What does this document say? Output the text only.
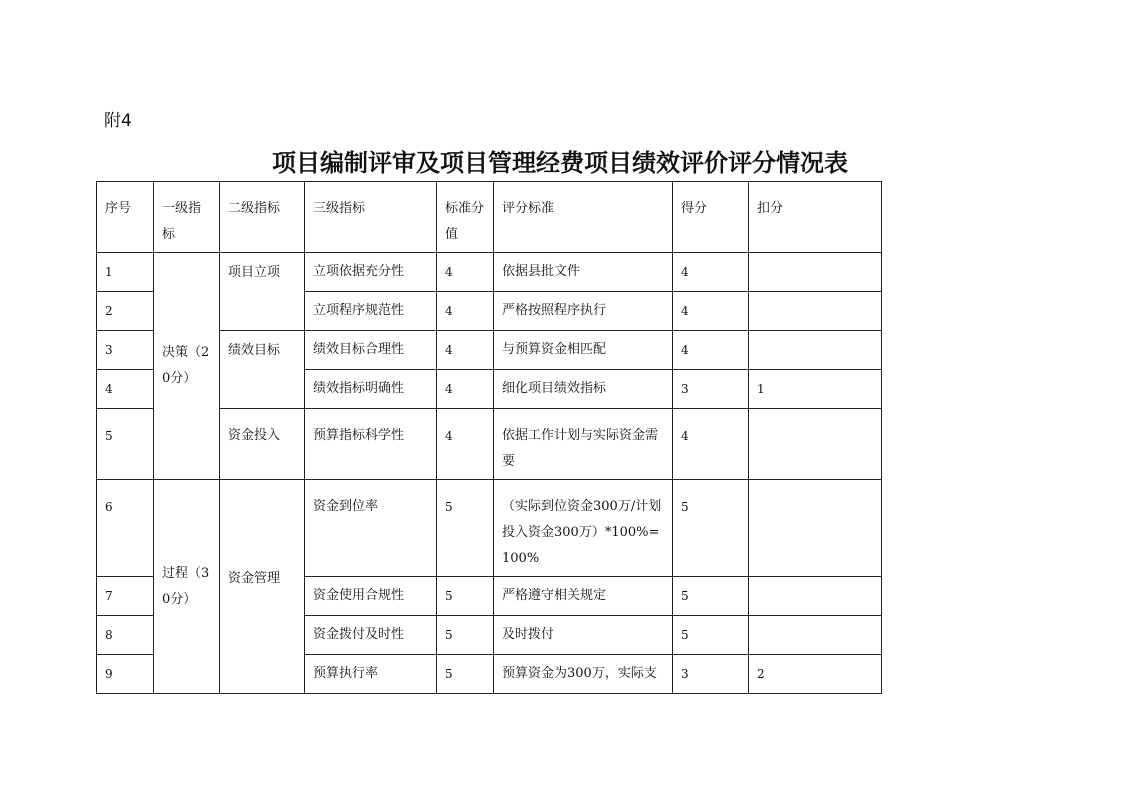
附4
项目编制评审及项目管理经费项目绩效评价评分情况表
序号	一级指标	二级指标	三级指标	标准分值	评分标准	得分	扣分
1	决策（20分）	项目立项	立项依据充分性	4	依据县批文件	4	
2			立项程序规范性	4	严格按照程序执行	4	
3		绩效目标	绩效目标合理性	4	与预算资金相匹配	4	
4			绩效指标明确性	4	细化项目绩效指标	3	1
5		资金投入	预算指标科学性	4	依据工作计划与实际资金需要	4	
6	过程（30分）	资金管理	资金到位率	5	（实际到位资金300万/计划投入资金300万）*100%=100%	5	
7			资金使用合规性	5	严格遵守相关规定	5	
8			资金拨付及时性	5	及时拨付	5	
9			预算执行率	5	预算资金为300万，实际支	3	2
